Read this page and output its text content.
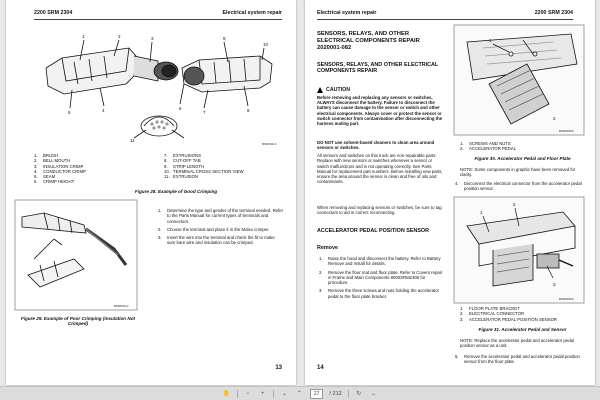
2200 SRM 2304	Electrical system repair
1	2	3
4
5
6
7	8
9
10
11
BM080413
1. BRUSH
2. BELL MOUTH
3. INSULATION CRIMP
4. CONDUCTOR CRIMP
5. SEAM
6. CRIMP HEIGHT
7. EXTRUSIONS
8. CUT-OFF TAB
9. STRIP LENGTH
10. TERMINAL CROSS SECTION VIEW
11. EXTRUSION
Figure 28. Example of Good Crimping
BM080412
Figure 29. Example of Poor Crimping (Insulation Not Crimped)
1. Determine the type and gender of the terminal needed. Refer to the Parts Manual for current types of terminals and connectors.
2. Choose the terminal and place it in the Molex crimper.
3. Insert the wire into the terminal and check the fit to make sure bare wire and insulation can be crimped.
13
Electrical system repair	2200 SRM 2304
SENSORS, RELAYS, AND OTHER ELECTRICAL COMPONENTS REPAIR 2020001-082
SENSORS, RELAYS, AND OTHER ELECTRICAL COMPONENTS REPAIR
CAUTION
Before removing and replacing any sensors or switches, ALWAYS disconnect the battery. Failure to disconnect the battery can cause damage to the sensor or switch and other electrical components. Always cover or protect the sensor or switch connector from contamination after disconnecting the harness mating part.
DO NOT use solvent-based cleaners to clean area around sensors or switches.
All sensors and switches on this truck are non-repairable parts. Replace with new sensors or switches whenever a sensor or switch malfunctions and is not operating correctly. See Parts Manual for replacement part numbers. Before installing new parts, ensure the area around the sensor is clean and free of oils and contaminants.
When removing and replacing sensors or switches, be sure to tag connectors to aid in correct reconnecting.
ACCELERATOR PEDAL POSITION SENSOR
Remove
1. Raise the hood and disconnect the battery. Refer to Battery Remove and Install for details.
2. Remove the floor mat and floor plate. Refer to Covers repair in Frame and Main Components 8000SRM2306 for procedure.
3. Remove the three screws and nuts holding the accelerator pedal to the floor plate bracket.
1
2
BM080305
1. SCREWS AND NUTS
2. ACCELERATOR PEDAL
Figure 30. Accelerator Pedal and Floor Plate
NOTE: Some components in graphic have been removed for clarity.
4. Disconnect the electrical connector from the accelerator pedal position sensor.
1
2
3
BM080306
1. FLOOR PLATE BRACKET
2. ELECTRICAL CONNECTOR
3. ACCELERATOR PEDAL POSITION SENSOR
Figure 31. Accelerator Pedal and Sensor
NOTE: Replace the accelerator pedal and accelerator pedal position sensor as a unit.
5. Remove the accelerator pedal and accelerator pedal position sensor from the floor plate.
14
✋	−	+	⌄	⌃	27	/ 212	↻	↔
